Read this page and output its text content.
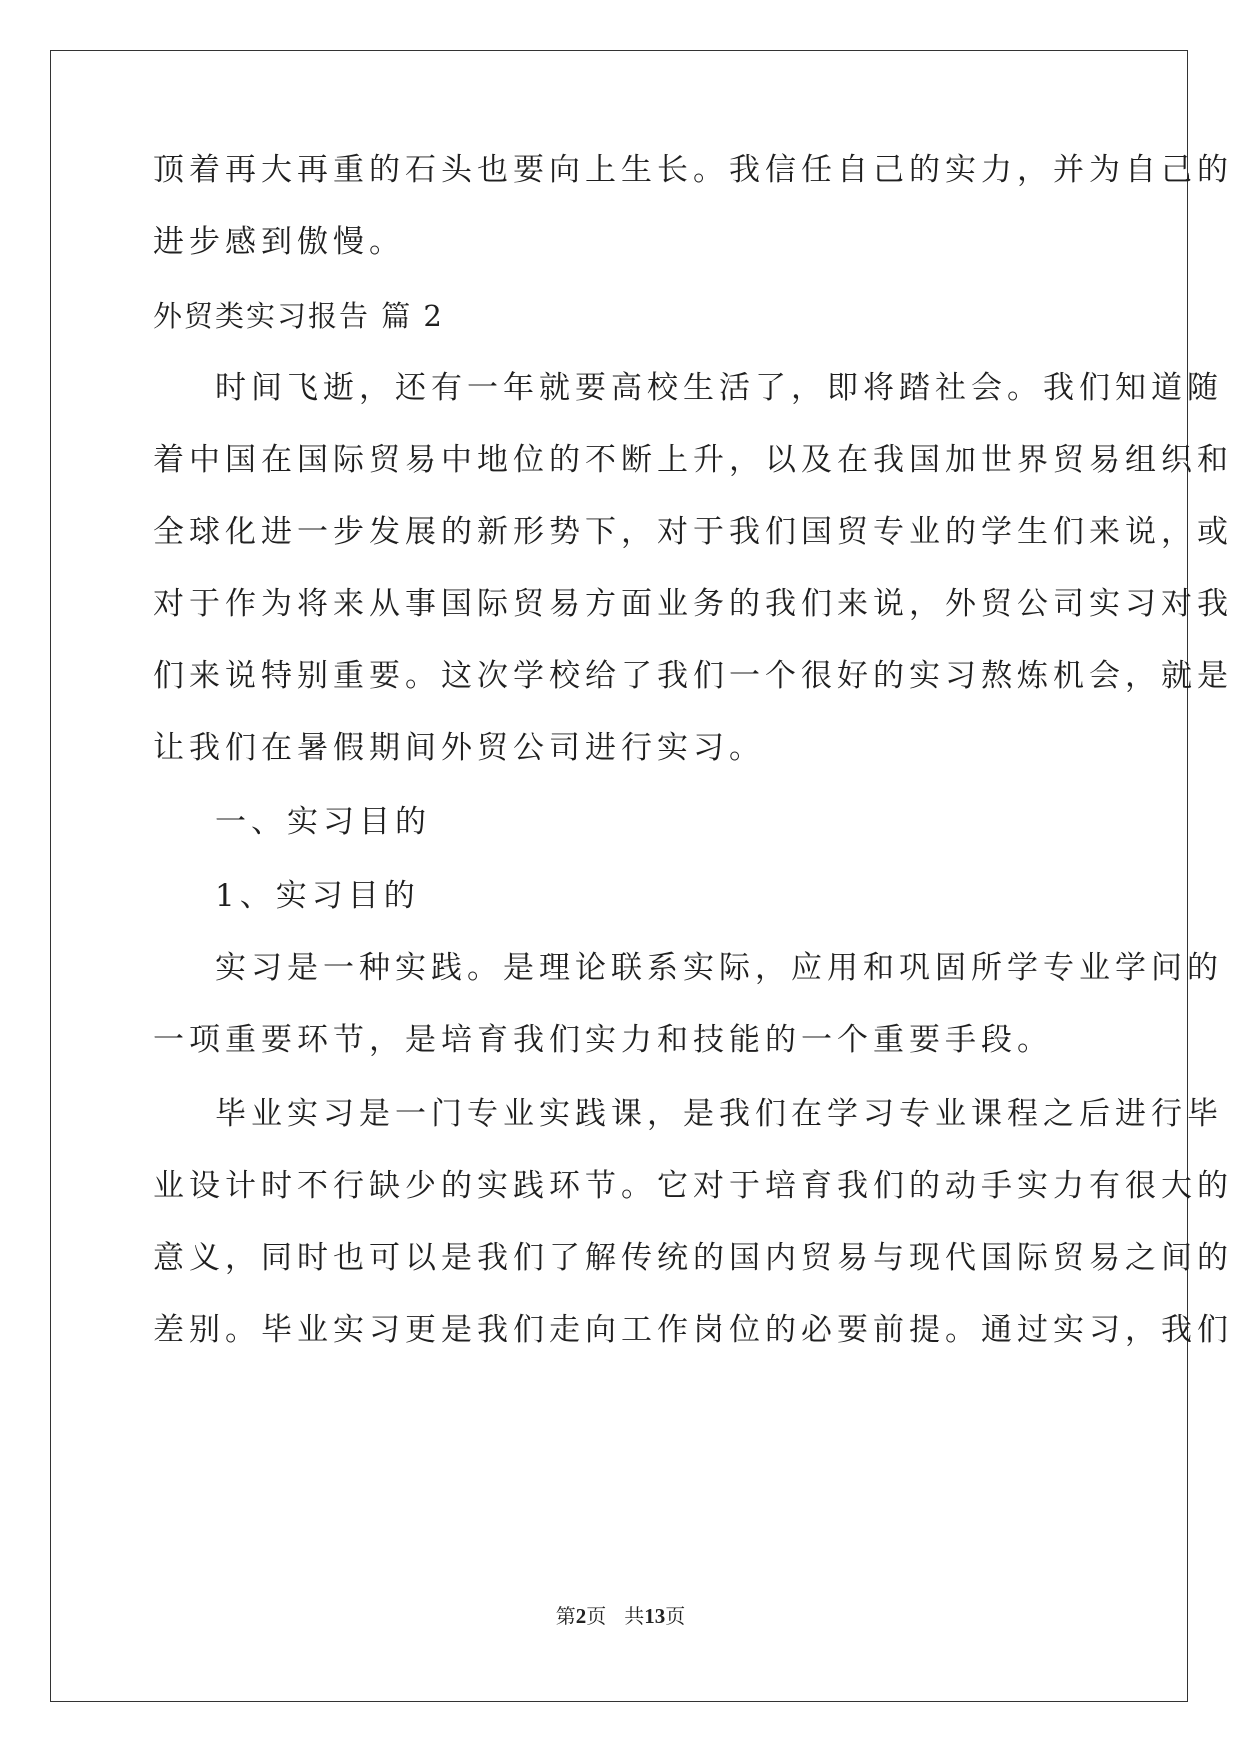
顶着再大再重的石头也要向上生长。我信任自己的实力，并为自己的
进步感到傲慢。
外贸类实习报告 篇 2
时间飞逝，还有一年就要高校生活了，即将踏社会。我们知道随
着中国在国际贸易中地位的不断上升，以及在我国加世界贸易组织和
全球化进一步发展的新形势下，对于我们国贸专业的学生们来说，或
对于作为将来从事国际贸易方面业务的我们来说，外贸公司实习对我
们来说特别重要。这次学校给了我们一个很好的实习熬炼机会，就是
让我们在暑假期间外贸公司进行实习。
一、实习目的
1、实习目的
实习是一种实践。是理论联系实际，应用和巩固所学专业学问的
一项重要环节，是培育我们实力和技能的一个重要手段。
毕业实习是一门专业实践课，是我们在学习专业课程之后进行毕
业设计时不行缺少的实践环节。它对于培育我们的动手实力有很大的
意义，同时也可以是我们了解传统的国内贸易与现代国际贸易之间的
差别。毕业实习更是我们走向工作岗位的必要前提。通过实习，我们
第2页 共13页
